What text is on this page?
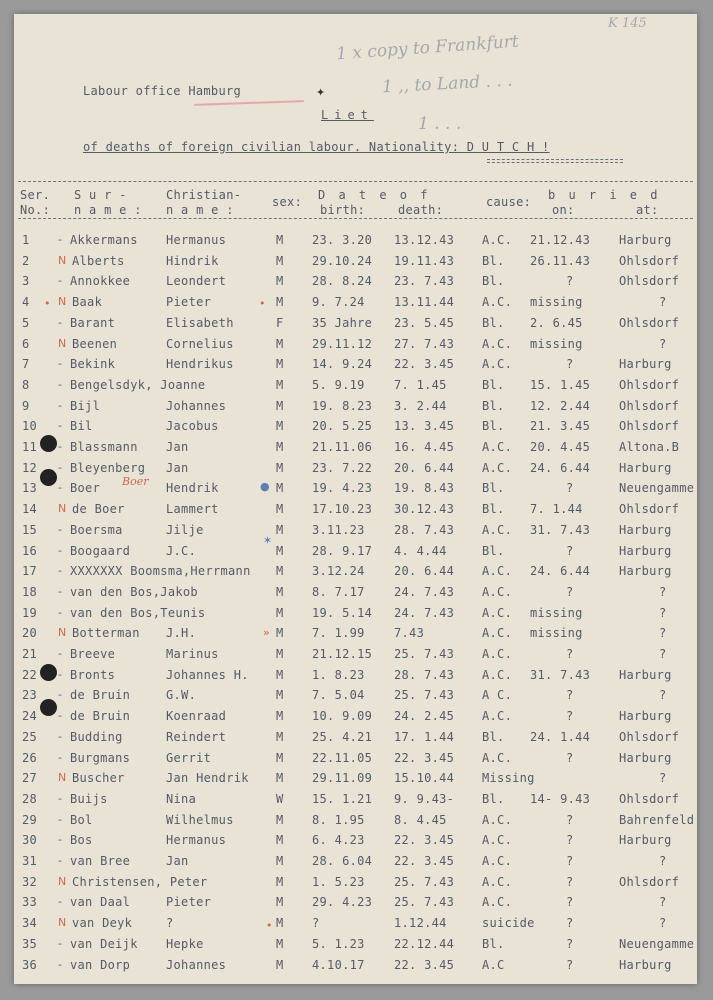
1 x copy to Frankfurt
1 ,, to Land . . .
1 . . .
K 145
Labour office Hamburg	✦
Liet
of deaths of foreign civilian labour. Nationality: D U T C H !
Ser.
No.:
S u r -
n a m e :
Christian-
n a m e :
sex: D a t e o f
birth:	death:
cause: b u r i e d
on:	at:
1	- Akkermans Hermanus	M 23. 3.20 13.12.43 A.C. 21.12.43 Harburg
2	N Alberts	Hindrik	M 29.10.24 19.11.43 Bl. 26.11.43 Ohlsdorf
3	- Annokkee	Leondert	M 28. 8.24 23. 7.43 Bl.	?	Ohlsdorf
4	N Baak	Pieter	M 9. 7.24 13.11.44 A.C. missing	?
5	- Barant	Elisabeth	F 35 Jahre 23. 5.45 Bl. 2. 6.45	Ohlsdorf
6	N Beenen	Cornelius	M 29.11.12 27. 7.43 A.C. missing	?
7	- Bekink	Hendrikus	M 14. 9.24 22. 3.45 A.C.	?	Harburg
8	- Bengelsdyk, Joanne	M 5. 9.19 7. 1.45	Bl. 15. 1.45 Ohlsdorf
9	- Bijl	Johannes	M 19. 8.23 3. 2.44	Bl. 12. 2.44 Ohlsdorf
10 - Bil	Jacobus	M 20. 5.25 13. 3.45 Bl. 21. 3.45 Ohlsdorf
11 - Blassmann Jan	M 21.11.06 16. 4.45 A.C. 20. 4.45 Altona.B
12 - Bleyenberg Jan	M 23. 7.22 20. 6.44 A.C. 24. 6.44 Harburg
13 - Boer	Hendrik	M 19. 4.23 19. 8.43 Bl.	?	Neuengamme
14 N de Boer	Lammert	M 17.10.23 30.12.43 Bl. 7. 1.44	Ohlsdorf
15 - Boersma	Jilje	M 3.11.23 28. 7.43 A.C. 31. 7.43 Harburg
16 - Boogaard	J.C.	M 28. 9.17 4. 4.44	Bl.	?	Harburg
17 - XXXXXXX Boomsma,Herrmann M 3.12.24 20. 6.44 A.C. 24. 6.44 Harburg
18 - van den Bos,Jakob	M 8. 7.17 24. 7.43 A.C.	?	?
19 - van den Bos,Teunis	M 19. 5.14 24. 7.43 A.C. missing	?
20 N Botterman J.H.	M 7. 1.99 7.43	A.C. missing	?
21 - Breeve	Marinus	M 21.12.15 25. 7.43 A.C.	?	?
22 - Bronts	Johannes H. M 1. 8.23 28. 7.43 A.C. 31. 7.43 Harburg
23 - de Bruin	G.W.	M 7. 5.04 25. 7.43 A C.	?	?
24 - de Bruin	Koenraad	M 10. 9.09 24. 2.45 A.C.	?	Harburg
25 - Budding	Reindert	M 25. 4.21 17. 1.44 Bl. 24. 1.44 Ohlsdorf
26 - Burgmans	Gerrit	M 22.11.05 22. 3.45 A.C.	?	Harburg
27 N Buscher	Jan Hendrik M 29.11.09 15.10.44 Missing	?
28 - Buijs	Nina	W 15. 1.21 9. 9.43- Bl. 14- 9.43 Ohlsdorf
29 - Bol	Wilhelmus	M 8. 1.95 8. 4.45	A.C.	?	Bahrenfeld
30 - Bos	Hermanus	M 6. 4.23 22. 3.45 A.C.	?	Harburg
31 - van Bree	Jan	M 28. 6.04 22. 3.45 A.C.	?	?
32 N Christensen, Peter	M 1. 5.23 25. 7.43 A.C.	?	Ohlsdorf
33 - van Daal	Pieter	M 29. 4.23 25. 7.43 A.C.	?	?
34 N van Deyk	?	M ?	1.12.44	suicide	?	?
35 - van Deijk Hepke	M 5. 1.23 22.12.44 Bl.	?	Neuengamme
36 - van Dorp	Johannes	M 4.10.17 22. 3.45 A.C	?	Harburg
Boer
•
»
•
•
●
✶
